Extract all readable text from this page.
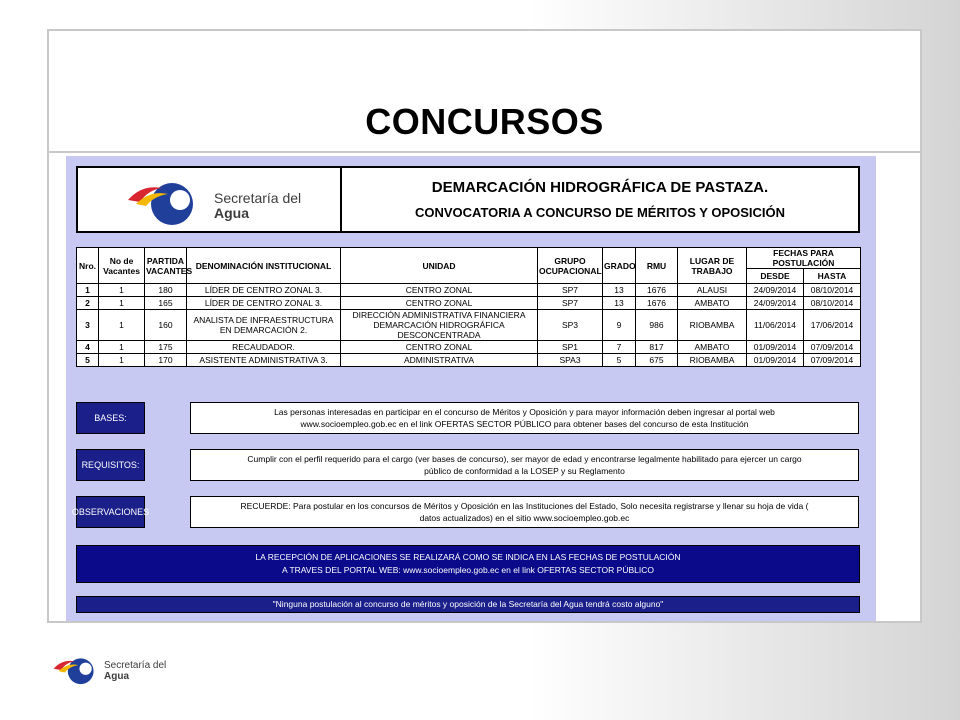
CONCURSOS
Secretaría del
Agua
DEMARCACIÓN HIDROGRÁFICA DE PASTAZA.
CONVOCATORIA A CONCURSO DE MÉRITOS Y OPOSICIÓN
Nro.	No de Vacantes	PARTIDA VACANTES	DENOMINACIÓN INSTITUCIONAL	UNIDAD	GRUPO OCUPACIONAL	GRADO	RMU	LUGAR DE TRABAJO	FECHAS PARA POSTULACIÓN	
									DESDE	HASTA
1	1	180	LÍDER DE CENTRO ZONAL 3.	CENTRO ZONAL	SP7	13	1676	ALAUSI	24/09/2014	08/10/2014
2	1	165	LÍDER DE CENTRO ZONAL 3.	CENTRO ZONAL	SP7	13	1676	AMBATO	24/09/2014	08/10/2014
3	1	160	ANALISTA DE INFRAESTRUCTURA EN DEMARCACIÓN 2.	DIRECCIÓN ADMINISTRATIVA FINANCIERA DEMARCACIÓN HIDROGRÁFICA DESCONCENTRADA	SP3	9	986	RIOBAMBA	11/06/2014	17/06/2014
4	1	175	RECAUDADOR.	CENTRO ZONAL	SP1	7	817	AMBATO	01/09/2014	07/09/2014
5	1	170	ASISTENTE ADMINISTRATIVA 3.	ADMINISTRATIVA	SPA3	5	675	RIOBAMBA	01/09/2014	07/09/2014
BASES:
Las personas interesadas en participar en el concurso de Méritos y Oposición y para mayor información deben ingresar al portal web
www.socioempleo.gob.ec en el link OFERTAS SECTOR PÚBLICO para obtener bases del concurso de esta Institución
REQUISITOS:
Cumplir con el perfil requerido para el cargo (ver bases de concurso), ser mayor de edad y encontrarse legalmente habilitado para ejercer un cargo
público de conformidad a la LOSEP y su Reglamento
OBSERVACIONES
RECUERDE: Para postular en los concursos de Méritos y Oposición en las Instituciones del Estado, Solo necesita registrarse y llenar su hoja de vida (
datos actualizados) en el sitio www.socioempleo.gob.ec
LA RECEPCIÓN DE APLICACIONES SE REALIZARÁ COMO SE INDICA EN LAS FECHAS DE POSTULACIÓN
A TRAVES DEL PORTAL WEB: www.socioempleo.gob.ec en el link OFERTAS SECTOR PÚBLICO
"Ninguna postulación al concurso de méritos y oposición de la Secretaría del Agua tendrá costo alguno"
Secretaría del
Agua
